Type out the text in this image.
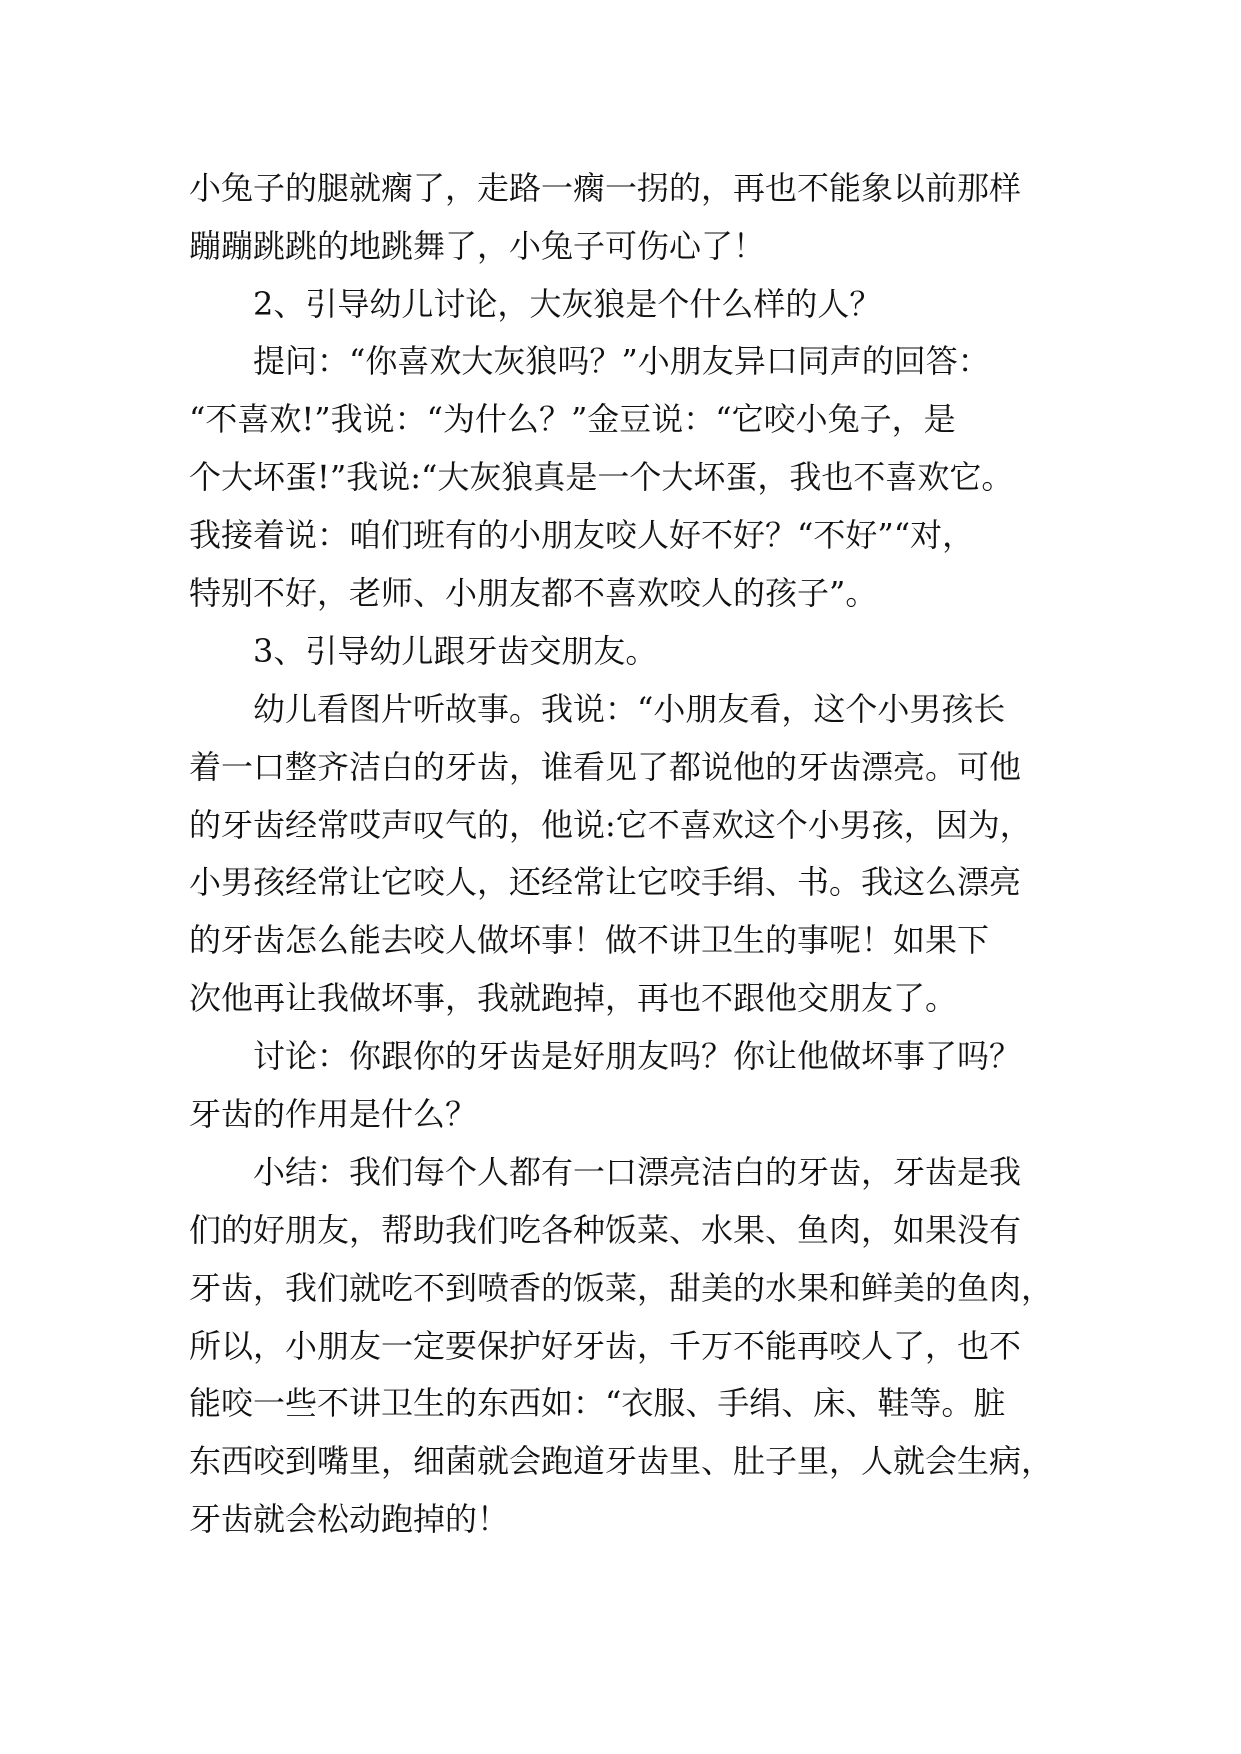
小兔子的腿就瘸了，走路一瘸一拐的，再也不能象以前那样
蹦蹦跳跳的地跳舞了，小兔子可伤心了！
2、引导幼儿讨论，大灰狼是个什么样的人？
提问：“你喜欢大灰狼吗？”小朋友异口同声的回答：
“不喜欢!”我说：“为什么？”金豆说：“它咬小兔子，是
个大坏蛋!”我说:“大灰狼真是一个大坏蛋，我也不喜欢它。
我接着说：咱们班有的小朋友咬人好不好？“不好”“对，
特别不好，老师、小朋友都不喜欢咬人的孩子”。
3、引导幼儿跟牙齿交朋友。
幼儿看图片听故事。我说：“小朋友看，这个小男孩长
着一口整齐洁白的牙齿，谁看见了都说他的牙齿漂亮。可他
的牙齿经常哎声叹气的，他说:它不喜欢这个小男孩，因为，
小男孩经常让它咬人，还经常让它咬手绢、书。我这么漂亮
的牙齿怎么能去咬人做坏事！做不讲卫生的事呢！如果下
次他再让我做坏事，我就跑掉，再也不跟他交朋友了。
讨论：你跟你的牙齿是好朋友吗？你让他做坏事了吗？
牙齿的作用是什么？
小结：我们每个人都有一口漂亮洁白的牙齿，牙齿是我
们的好朋友，帮助我们吃各种饭菜、水果、鱼肉，如果没有
牙齿，我们就吃不到喷香的饭菜，甜美的水果和鲜美的鱼肉，
所以，小朋友一定要保护好牙齿，千万不能再咬人了，也不
能咬一些不讲卫生的东西如：“衣服、手绢、床、鞋等。脏
东西咬到嘴里，细菌就会跑道牙齿里、肚子里，人就会生病，
牙齿就会松动跑掉的！
